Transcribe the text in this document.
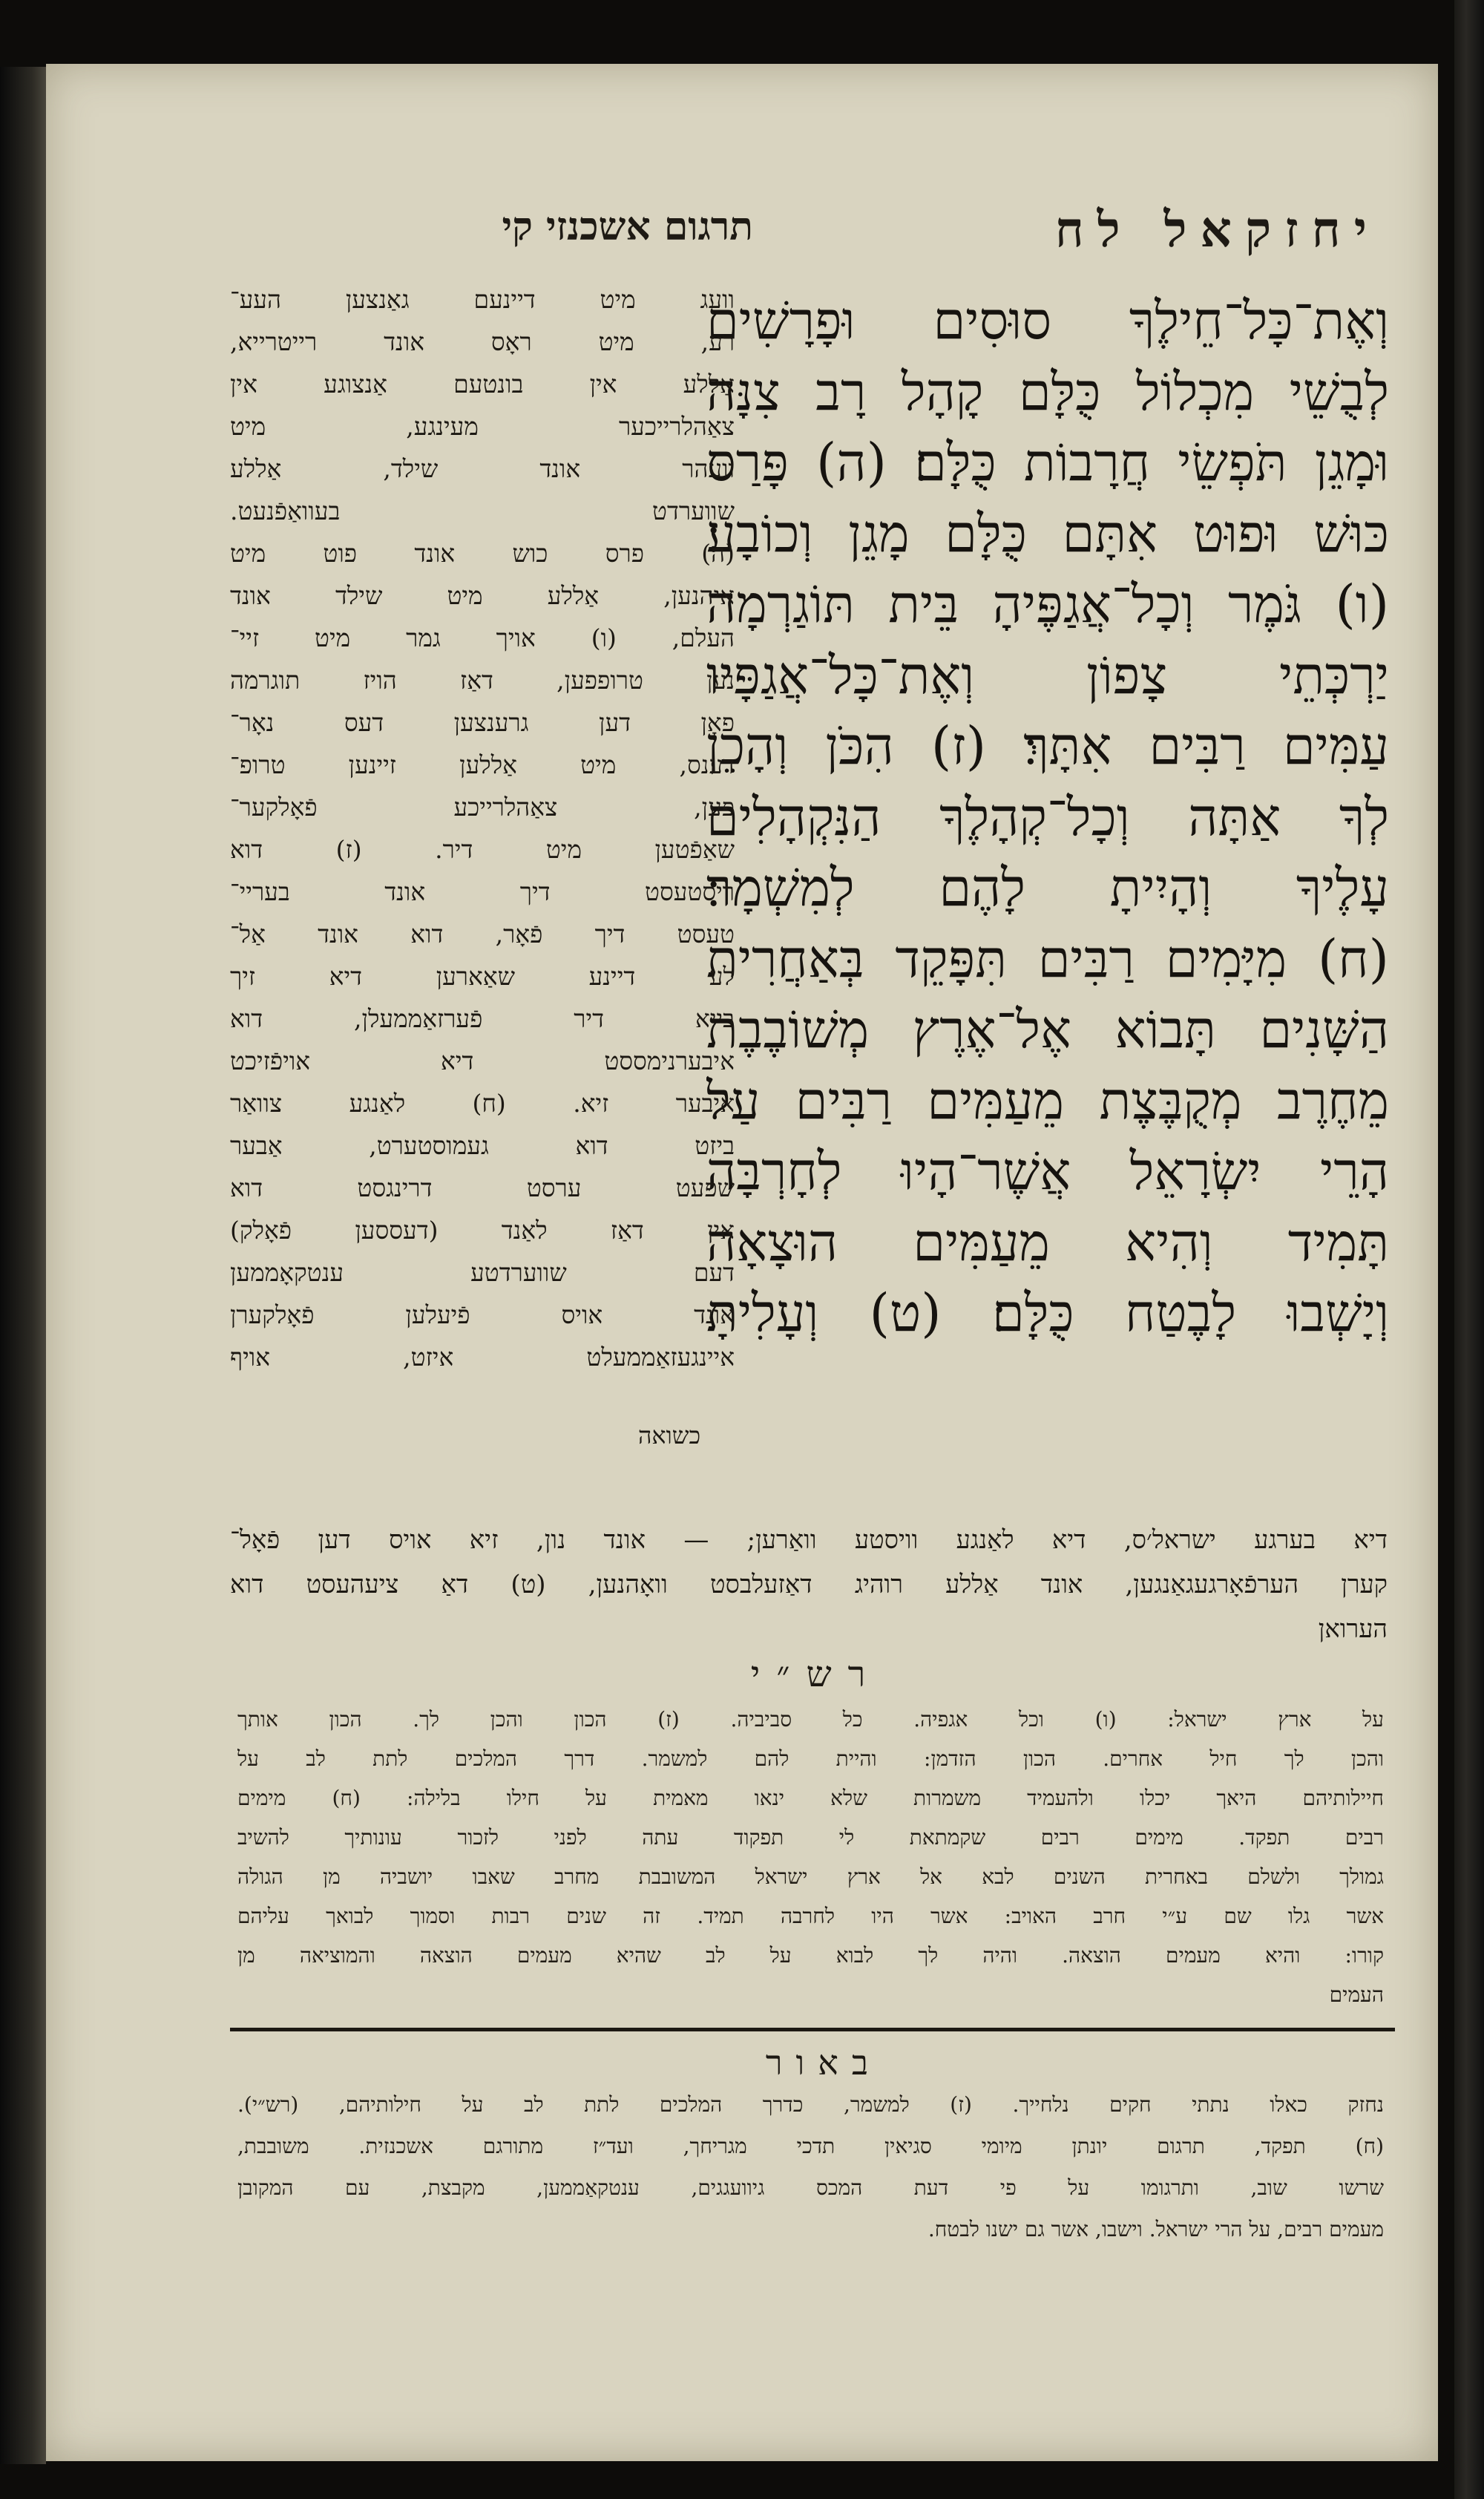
יחזקאל לח
תרגום אשכנזי קי
וְאֶת־כָּל־חֵילֶךָ סוּסִים וּפָרָשִׁים
לְבֻשֵׁי מִכְלוֹל כֻּלָּם קָהָל רָב צִנָּה
וּמָגֵן תֹּפְשֵׂי חֲרָבוֹת כֻּלָּם׃ (ה) פָּרַס
כּוּשׁ וּפוּט אִתָּם כֻּלָּם מָגֵן וְכוֹבָע׃
(ו) גֹּמֶר וְכָל־אֲגַפֶּיהָ בֵּית תּוֹגַרְמָה
יַרְכְּתֵי צָפוֹן וְאֶת־כָּל־אֲגַפָּיו
עַמִּים רַבִּים אִתָּךְ׃ (ז) הִכֹּן וְהָכֵן
לְךָ אַתָּה וְכָל־קְהָלֶךָ הַנִּקְהָלִים
עָלֶיךָ וְהָיִיתָ לָהֶם לְמִשְׁמָר׃
(ח) מִיָּמִים רַבִּים תִּפָּקֵד בְּאַחֲרִית
הַשָּׁנִים תָּבוֹא אֶל־אֶרֶץ מְשׁוֹבֶבֶת
מֵחֶרֶב מְקֻבֶּצֶת מֵעַמִּים רַבִּים עַל
הָרֵי יִשְׂרָאֵל אֲשֶׁר־הָיוּ לְחָרְבָּה
תָּמִיד וְהִיא מֵעַמִּים הוּצָאָה
וְיָשְׁבוּ לָבֶטַח כֻּלָּם׃ (ט) וְעָלִיתָ
וועג מיט דיינעם גאַנצען העע־
רע, מיט ראָס אונד רייטרייא,
אַללע אין בונטעם אַנצוגע אין
צאַהלרייכער מעינגע, מיט
וועהר אונד שילד, אַללע
שווערדט בעוואַפֿנעט.
(ה) פרס כוש אונד פוט מיט
איהנען, אַללע מיט שילד אונד
העלם, (ו) אויך גמר מיט זיי־
נען טרופפען, דאַז הויז תוגרמה
פאָן דען גרענצען דעס נאָר־
דענס, מיט אַללען זיינען טרופ־
פען, צאַהלרייכע פֿאָלקער־
שאַפֿטען מיט דיר. (ז) דוא
ריסטעסט דיך אונד בעריי־
טעסט דיך פֿאָר, דוא אונד אַל־
לע דיינע שאַארען דיא זיך
בייא דיר פֿערזאַממעלן, דוא
איבערנימססט דיא אויפֿזיכט
איבער זיא. (ח) לאַנגע צוואַר
ביזט דוא געמוסטערט, אַבער
שפעט ערסט דרינגסט דוא
אין דאַז לאַנד (דעססען פֿאָלק)
דעם שווערדטע ענטקאָממען
אונד אויס פֿיעלען פֿאָלקערן
איינגעזאַממעלט איזט, אויף
כשואה
דיא בערגע ישראל׳ס, דיא לאַנגע וויסטע וואַרען; — אונד נון, זיא אויס דען פֿאָל־
קערן הערפֿאָרגעגאַנגען, אונד אַללע רוהיג דאַזעלבסט וואָהנען, (ט) דאַ ציעהעסט דוא
הערואן
רש״י
על ארץ ישראל: (ו) וכל אגפיה. כל סביביה. (ז) הכון והכן לך. הכון אותך
והכן לך חיל אחרים. הכון הזדמן: והיית להם למשמר. דרך המלכים לתת לב על
חיילותיהם היאך יכלו ולהעמיד משמרות שלא ינאו מאמית על חילו בלילה: (ח) מימים
רבים תפקד. מימים רבים שקמתאת לי תפקוד עתה לפני לזכור עונותיך להשיב
גמולך ולשלם באחרית השנים לבא אל ארץ ישראל המשובבת מחרב שאבו יושביה מן הגולה
אשר גלו שם ע״י חרב האויב: אשר היו לחרבה תמיד. זה שנים רבות וסמוך לבואך עליהם
קורו: והיא מעמים הוצאה. והיה לך לבוא על לב שהיא מעמים הוצאה והמוציאה מן
העמים
באור
נחזק כאלו נתתי חקים נלחייך. (ז) למשמר, כדרך המלכים לתת לב על חילותיהם, (רש״י).
(ח) תפקד, תרגום יונתן מיומי סגיאין תדכי מגריחך, ועד״ז מתורגם אשכנזית. משובבת,
שרשו שוב, ותרגומו על פי דעת המכס גיוועגגים, ענטקאַממען, מקבצת, עם המקובן
מעמים רבים, על הרי ישראל. וישבו, אשר גם ישנו לבטח.
